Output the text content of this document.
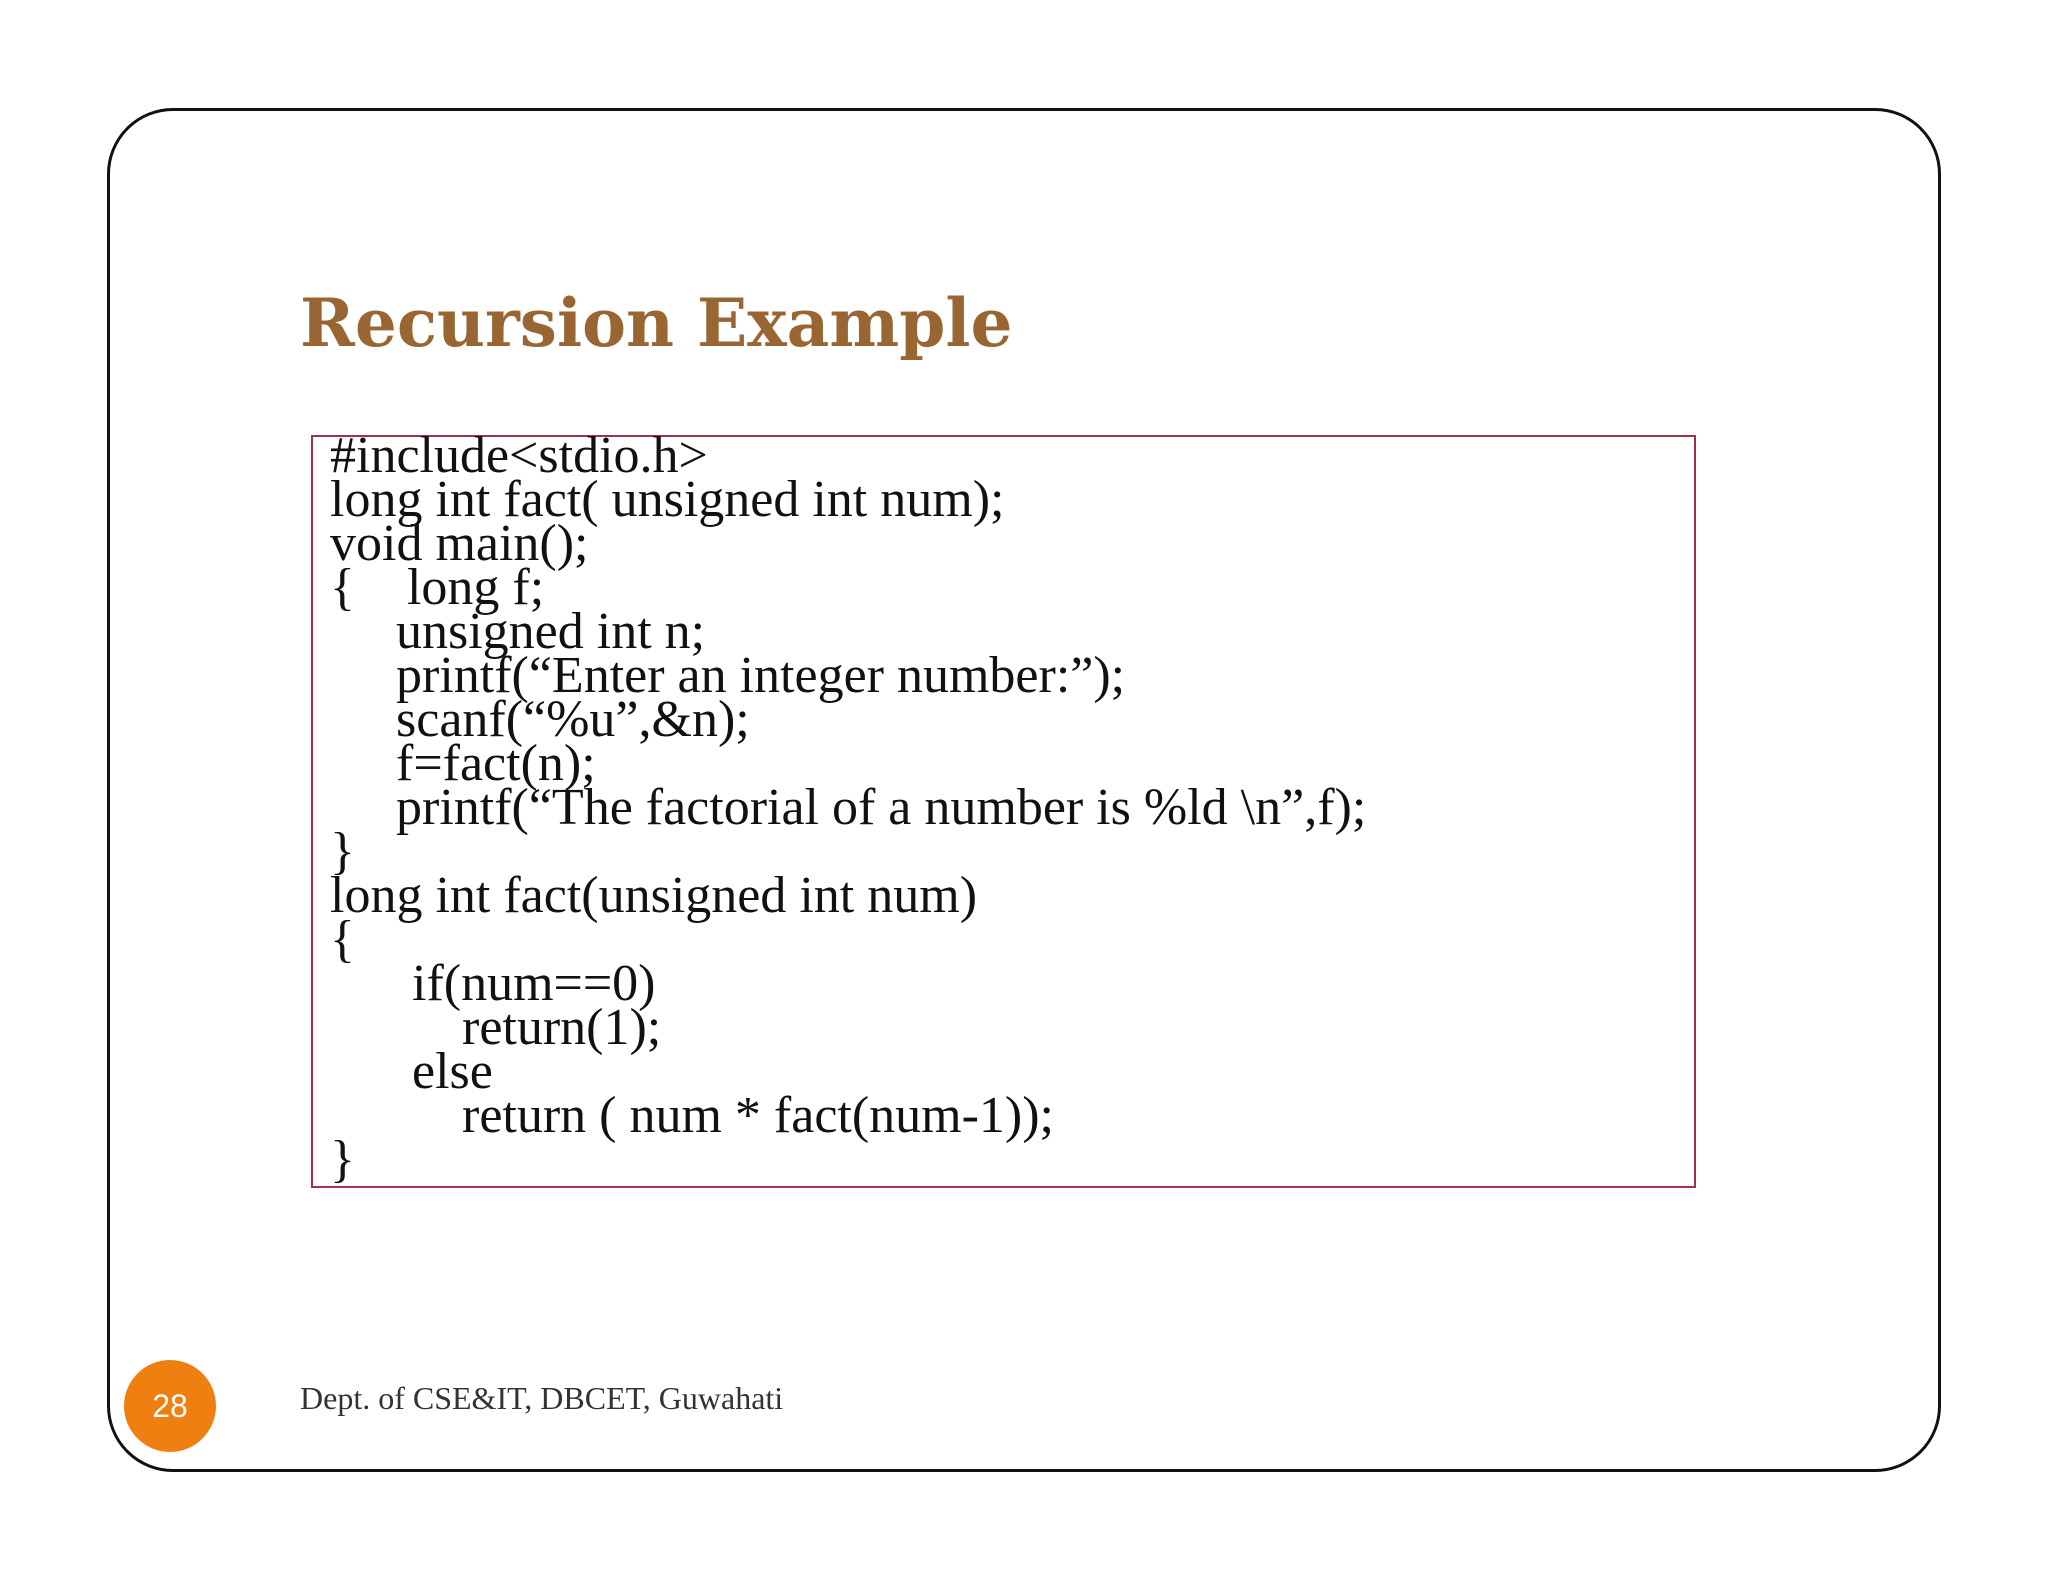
Recursion Example
#include<stdio.h>
long int fact( unsigned int num);
void main();
{    long f;
unsigned int n;
printf(“Enter an integer number:”);
scanf(“%u”,&n);
f=fact(n);
printf(“The factorial of a number is %ld \n”,f);
}
long int fact(unsigned int num)
{
if(num==0)
return(1);
else
return ( num * fact(num-1));
}
28	Dept. of CSE&IT, DBCET, Guwahati
